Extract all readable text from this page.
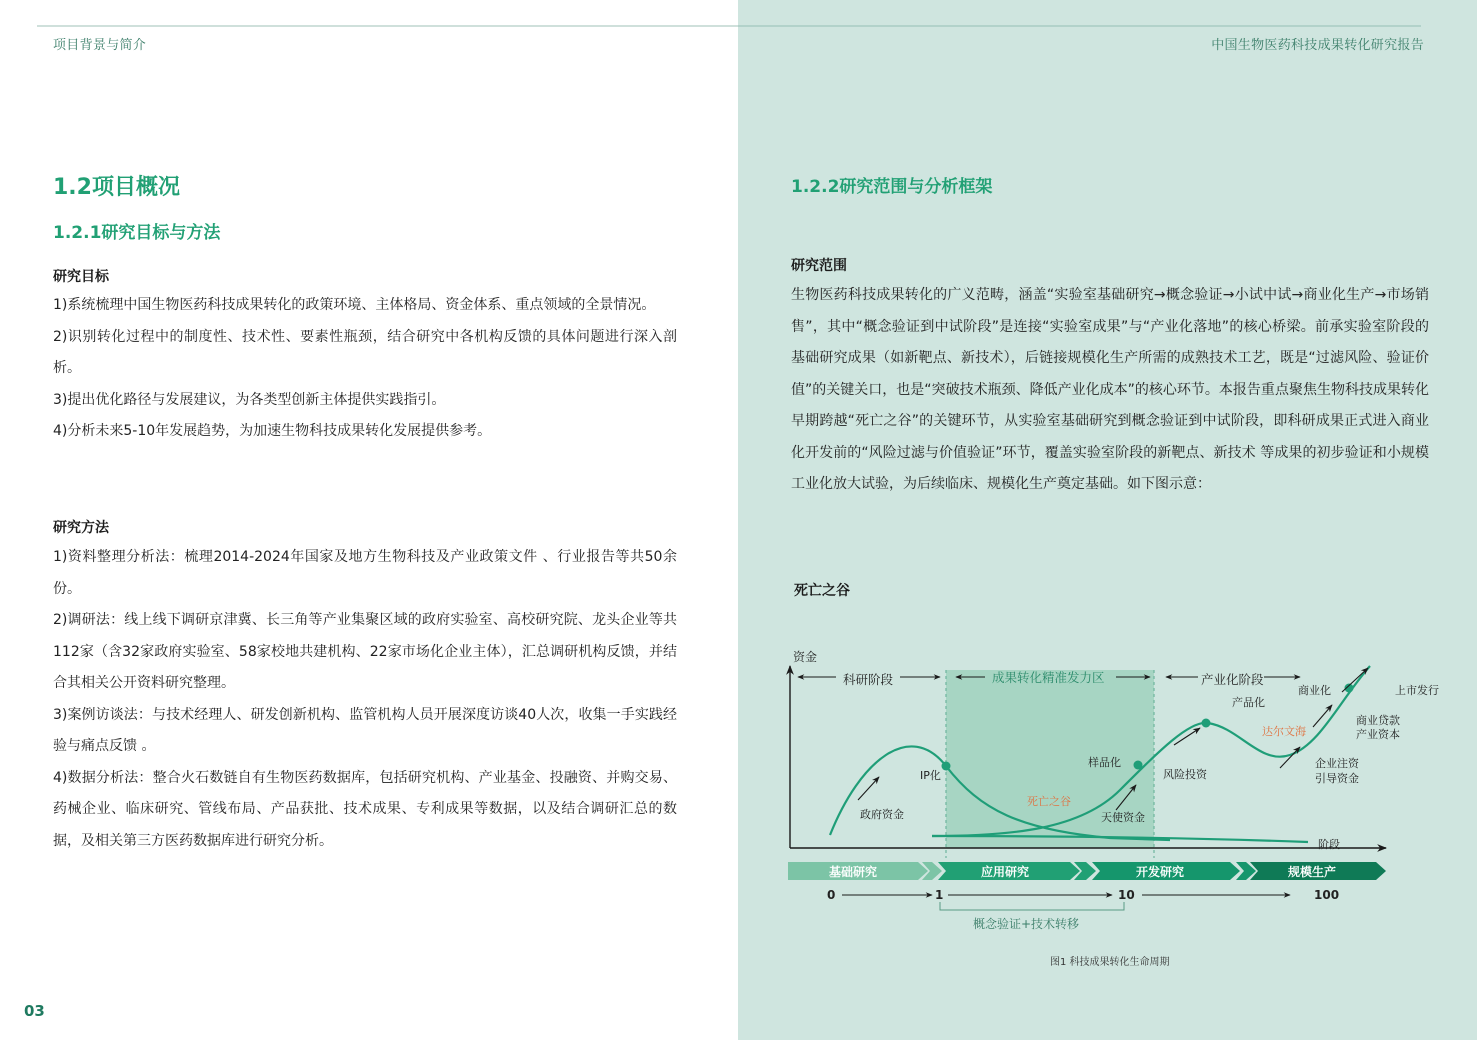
项目背景与简介	中国生物医药科技成果转化研究报告
1.2项目概况
1.2.1研究目标与方法
研究目标

1)系统梳理中国生物医药科技成果转化的政策环境、主体格局、资金体系、重点领域的全景情况。

2)识别转化过程中的制度性、技术性、要素性瓶颈，结合研究中各机构反馈的具体问题进行深入剖析。

3)提出优化路径与发展建议，为各类型创新主体提供实践指引。

4)分析未来5-10年发展趋势，为加速生物科技成果转化发展提供参考。

研究方法

1)资料整理分析法：梳理2014-2024年国家及地方生物科技及产业政策文件 、行业报告等共50余份。

2)调研法：线上线下调研京津冀、长三角等产业集聚区域的政府实验室、高校研究院、龙头企业等共112家（含32家政府实验室、58家校地共建机构、22家市场化企业主体），汇总调研机构反馈，并结合其相关公开资料研究整理。

3)案例访谈法：与技术经理人、研发创新机构、监管机构人员开展深度访谈40人次，收集一手实践经验与痛点反馈 。

4)数据分析法：整合火石数链自有生物医药数据库，包括研究机构、产业基金、投融资、并购交易、药械企业、临床研究、管线布局、产品获批、技术成果、专利成果等数据，以及结合调研汇总的数据，及相关第三方医药数据库进行研究分析。

03
1.2.2研究范围与分析框架
研究范围

生物医药科技成果转化的广义范畴，涵盖“实验室基础研究→概念验证→小试中试→商业化生产→市场销售”，其中“概念验证到中试阶段”是连接“实验室成果”与“产业化落地”的核心桥梁。前承实验室阶段的基础研究成果（如新靶点、新技术），后链接规模化生产所需的成熟技术工艺，既是“过滤风险、验证价值”的关键关口，也是“突破技术瓶颈、降低产业化成本”的核心环节。本报告重点聚焦生物科技成果转化早期跨越“死亡之谷”的关键环节，从实验室基础研究到概念验证到中试阶段，即科研成果正式进入商业化开发前的“风险过滤与价值验证”环节，覆盖实验室阶段的新靶点、新技术 等成果的初步验证和小规模工业化放大试验，为后续临床、规模化生产奠定基础。如下图示意：

死亡之谷
资金
科研阶段	成果转化精准发力区	产业化阶段
IP化
样品化
产品化
商业化
政府资金	天使资金
风险投资
企业注资
引导资金
商业贷款
产业资本
上市发行
死亡之谷
达尔文海
阶段
基础研究	应用研究	开发研究	规模生产
0	1	10	100
概念验证+技术转移
图1 科技成果转化生命周期
